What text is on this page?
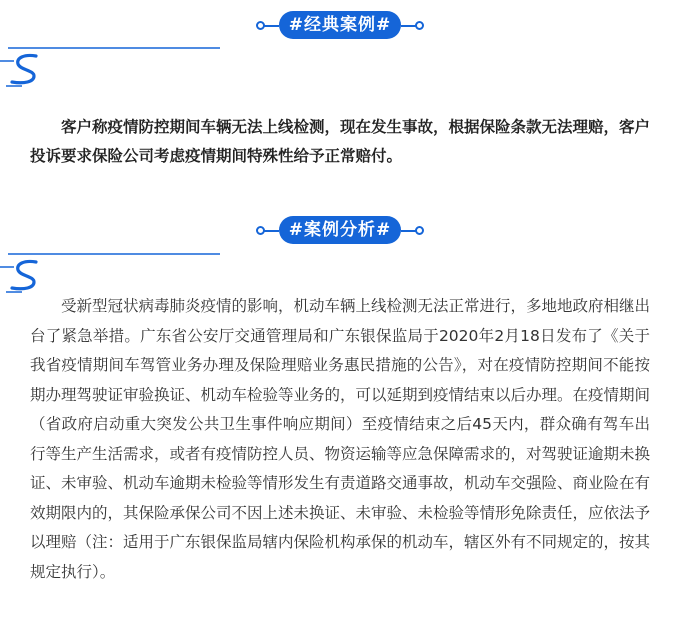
#经典案例#

客户称疫情防控期间车辆无法上线检测，现在发生事故，根据保险条款无法理赔，客户投诉要求保险公司考虑疫情期间特殊性给予正常赔付。

#案例分析#

受新型冠状病毒肺炎疫情的影响，机动车辆上线检测无法正常进行，多地地政府相继出台了紧急举措。广东省公安厅交通管理局和广东银保监局于2020年2月18日发布了《关于我省疫情期间车驾管业务办理及保险理赔业务惠民措施的公告》，对在疫情防控期间不能按期办理驾驶证审验换证、机动车检验等业务的，可以延期到疫情结束以后办理。在疫情期间（省政府启动重大突发公共卫生事件响应期间）至疫情结束之后45天内，群众确有驾车出行等生产生活需求，或者有疫情防控人员、物资运输等应急保障需求的，对驾驶证逾期未换证、未审验、机动车逾期未检验等情形发生有责道路交通事故，机动车交强险、商业险在有效期限内的，其保险承保公司不因上述未换证、未审验、未检验等情形免除责任，应依法予以理赔（注：适用于广东银保监局辖内保险机构承保的机动车，辖区外有不同规定的，按其规定执行）。
